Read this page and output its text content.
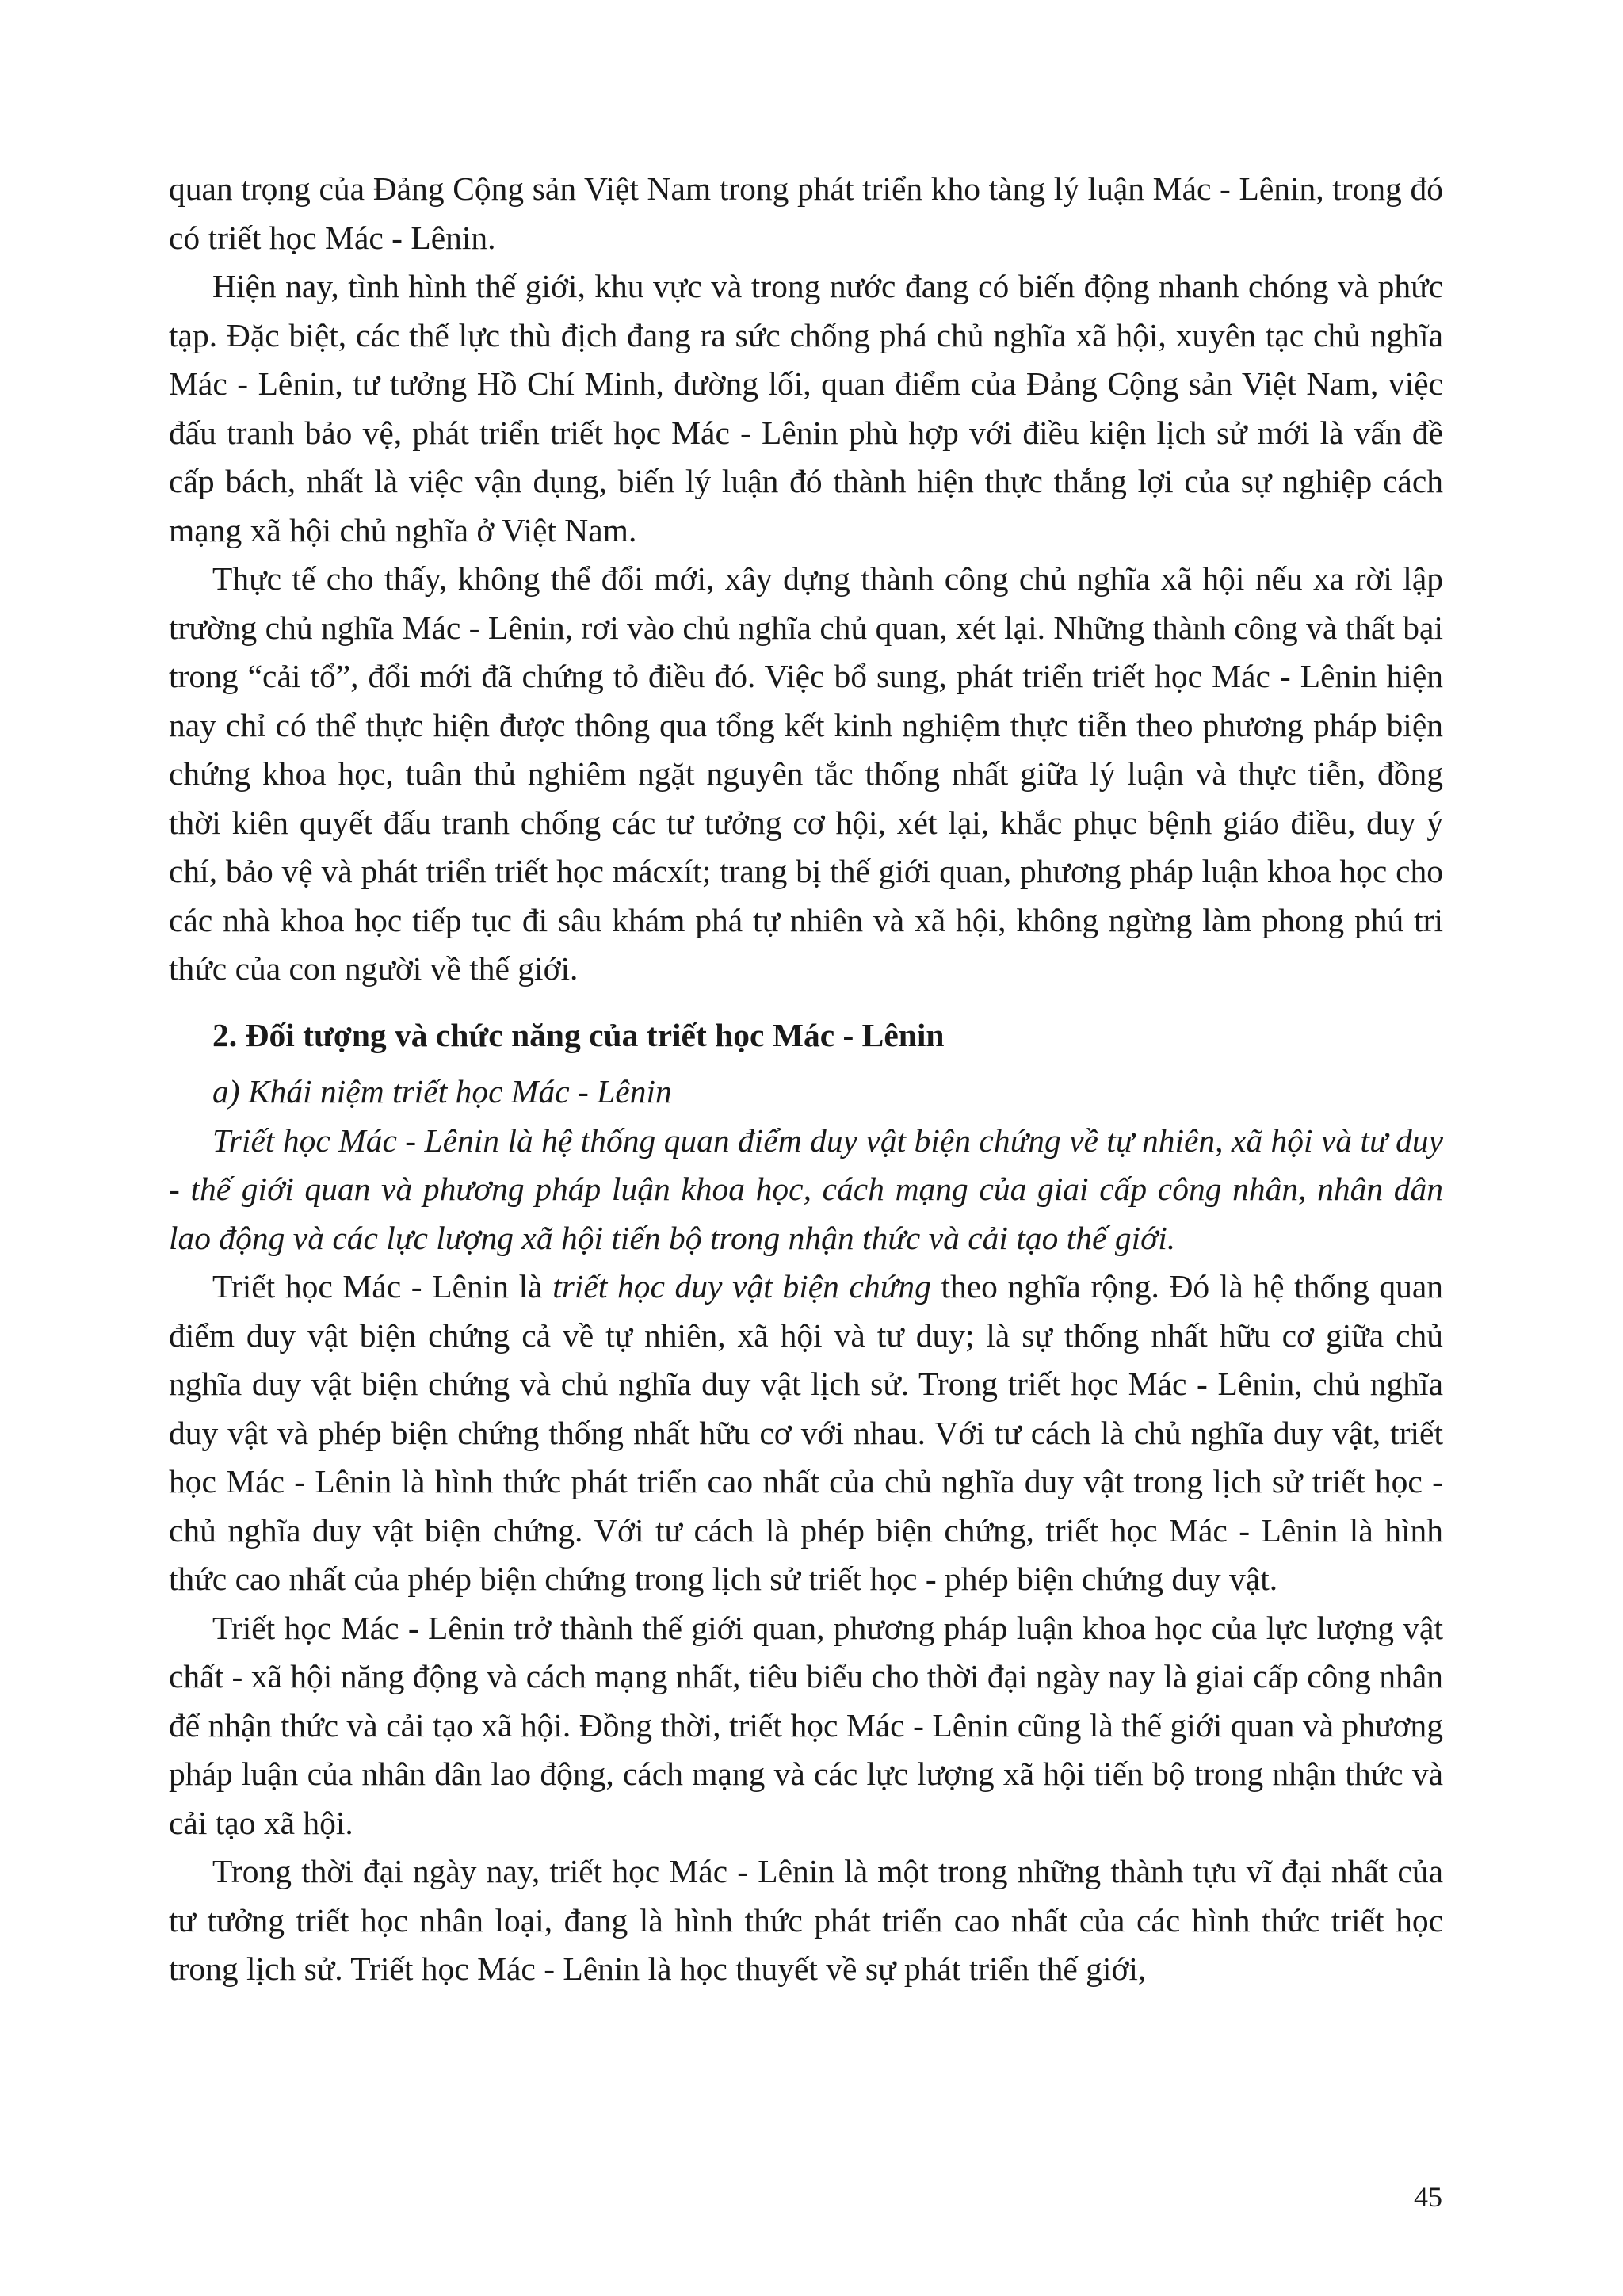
quan trọng của Đảng Cộng sản Việt Nam trong phát triển kho tàng lý luận Mác - Lênin, trong đó có triết học Mác - Lênin.

Hiện nay, tình hình thế giới, khu vực và trong nước đang có biến động nhanh chóng và phức tạp. Đặc biệt, các thế lực thù địch đang ra sức chống phá chủ nghĩa xã hội, xuyên tạc chủ nghĩa Mác - Lênin, tư tưởng Hồ Chí Minh, đường lối, quan điểm của Đảng Cộng sản Việt Nam, việc đấu tranh bảo vệ, phát triển triết học Mác - Lênin phù hợp với điều kiện lịch sử mới là vấn đề cấp bách, nhất là việc vận dụng, biến lý luận đó thành hiện thực thắng lợi của sự nghiệp cách mạng xã hội chủ nghĩa ở Việt Nam.

Thực tế cho thấy, không thể đổi mới, xây dựng thành công chủ nghĩa xã hội nếu xa rời lập trường chủ nghĩa Mác - Lênin, rơi vào chủ nghĩa chủ quan, xét lại. Những thành công và thất bại trong “cải tổ”, đổi mới đã chứng tỏ điều đó. Việc bổ sung, phát triển triết học Mác - Lênin hiện nay chỉ có thể thực hiện được thông qua tổng kết kinh nghiệm thực tiễn theo phương pháp biện chứng khoa học, tuân thủ nghiêm ngặt nguyên tắc thống nhất giữa lý luận và thực tiễn, đồng thời kiên quyết đấu tranh chống các tư tưởng cơ hội, xét lại, khắc phục bệnh giáo điều, duy ý chí, bảo vệ và phát triển triết học mácxít; trang bị thế giới quan, phương pháp luận khoa học cho các nhà khoa học tiếp tục đi sâu khám phá tự nhiên và xã hội, không ngừng làm phong phú tri thức của con người về thế giới.

2. Đối tượng và chức năng của triết học Mác - Lênin

a) Khái niệm triết học Mác - Lênin

Triết học Mác - Lênin là hệ thống quan điểm duy vật biện chứng về tự nhiên, xã hội và tư duy - thế giới quan và phương pháp luận khoa học, cách mạng của giai cấp công nhân, nhân dân lao động và các lực lượng xã hội tiến bộ trong nhận thức và cải tạo thế giới.

Triết học Mác - Lênin là triết học duy vật biện chứng theo nghĩa rộng. Đó là hệ thống quan điểm duy vật biện chứng cả về tự nhiên, xã hội và tư duy; là sự thống nhất hữu cơ giữa chủ nghĩa duy vật biện chứng và chủ nghĩa duy vật lịch sử. Trong triết học Mác - Lênin, chủ nghĩa duy vật và phép biện chứng thống nhất hữu cơ với nhau. Với tư cách là chủ nghĩa duy vật, triết học Mác - Lênin là hình thức phát triển cao nhất của chủ nghĩa duy vật trong lịch sử triết học - chủ nghĩa duy vật biện chứng. Với tư cách là phép biện chứng, triết học Mác - Lênin là hình thức cao nhất của phép biện chứng trong lịch sử triết học - phép biện chứng duy vật.

Triết học Mác - Lênin trở thành thế giới quan, phương pháp luận khoa học của lực lượng vật chất - xã hội năng động và cách mạng nhất, tiêu biểu cho thời đại ngày nay là giai cấp công nhân để nhận thức và cải tạo xã hội. Đồng thời, triết học Mác - Lênin cũng là thế giới quan và phương pháp luận của nhân dân lao động, cách mạng và các lực lượng xã hội tiến bộ trong nhận thức và cải tạo xã hội.

Trong thời đại ngày nay, triết học Mác - Lênin là một trong những thành tựu vĩ đại nhất của tư tưởng triết học nhân loại, đang là hình thức phát triển cao nhất của các hình thức triết học trong lịch sử. Triết học Mác - Lênin là học thuyết về sự phát triển thế giới,

45
